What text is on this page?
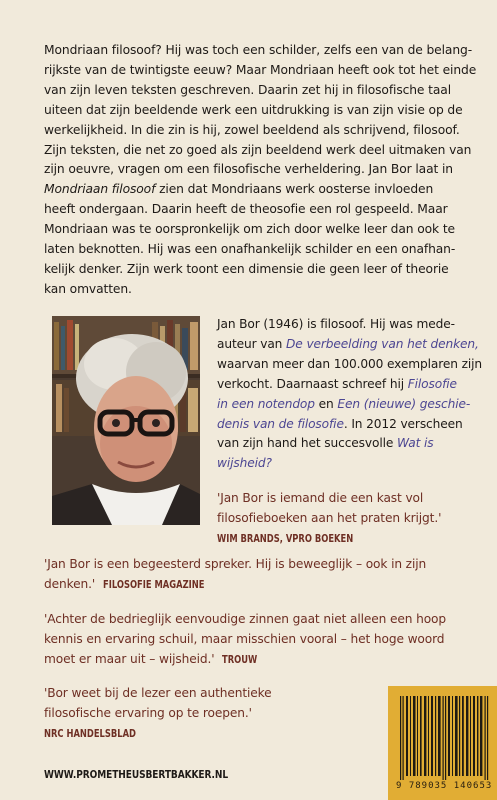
Mondriaan filosoof? Hij was toch een schilder, zelfs een van de belang-
rijkste van de twintigste eeuw? Maar Mondriaan heeft ook tot het einde
van zijn leven teksten geschreven. Daarin zet hij in filosofische taal
uiteen dat zijn beeldende werk een uitdrukking is van zijn visie op de
werkelijkheid. In die zin is hij, zowel beeldend als schrijvend, filosoof.
Zijn teksten, die net zo goed als zijn beeldend werk deel uitmaken van
zijn oeuvre, vragen om een filosofische verheldering. Jan Bor laat in
Mondriaan filosoof zien dat Mondriaans werk oosterse invloeden
heeft ondergaan. Daarin heeft de theosofie een rol gespeeld. Maar
Mondriaan was te oorspronkelijk om zich door welke leer dan ook te
laten beknotten. Hij was een onafhankelijk schilder en een onafhan-
kelijk denker. Zijn werk toont een dimensie die geen leer of theorie
kan omvatten.
Jan Bor (1946) is filosoof. Hij was mede-
auteur van De verbeelding van het denken,
waarvan meer dan 100.000 exemplaren zijn
verkocht. Daarnaast schreef hij Filosofie
in een notendop en Een (nieuwe) geschie-
denis van de filosofie. In 2012 verscheen
van zijn hand het succesvolle Wat is
wijsheid?
'Jan Bor is iemand die een kast vol
filosofieboeken aan het praten krijgt.'
WIM BRANDS, VPRO BOEKEN
'Jan Bor is een begeesterd spreker. Hij is beweeglijk – ook in zijn
denken.' FILOSOFIE MAGAZINE
'Achter de bedrieglijk eenvoudige zinnen gaat niet alleen een hoop
kennis en ervaring schuil, maar misschien vooral – het hoge woord
moet er maar uit – wijsheid.' TROUW
'Bor weet bij de lezer een authentieke
filosofische ervaring op te roepen.'
NRC HANDELSBLAD
WWW.PROMETHEUSBERTBAKKER.NL
9 789035 140653
